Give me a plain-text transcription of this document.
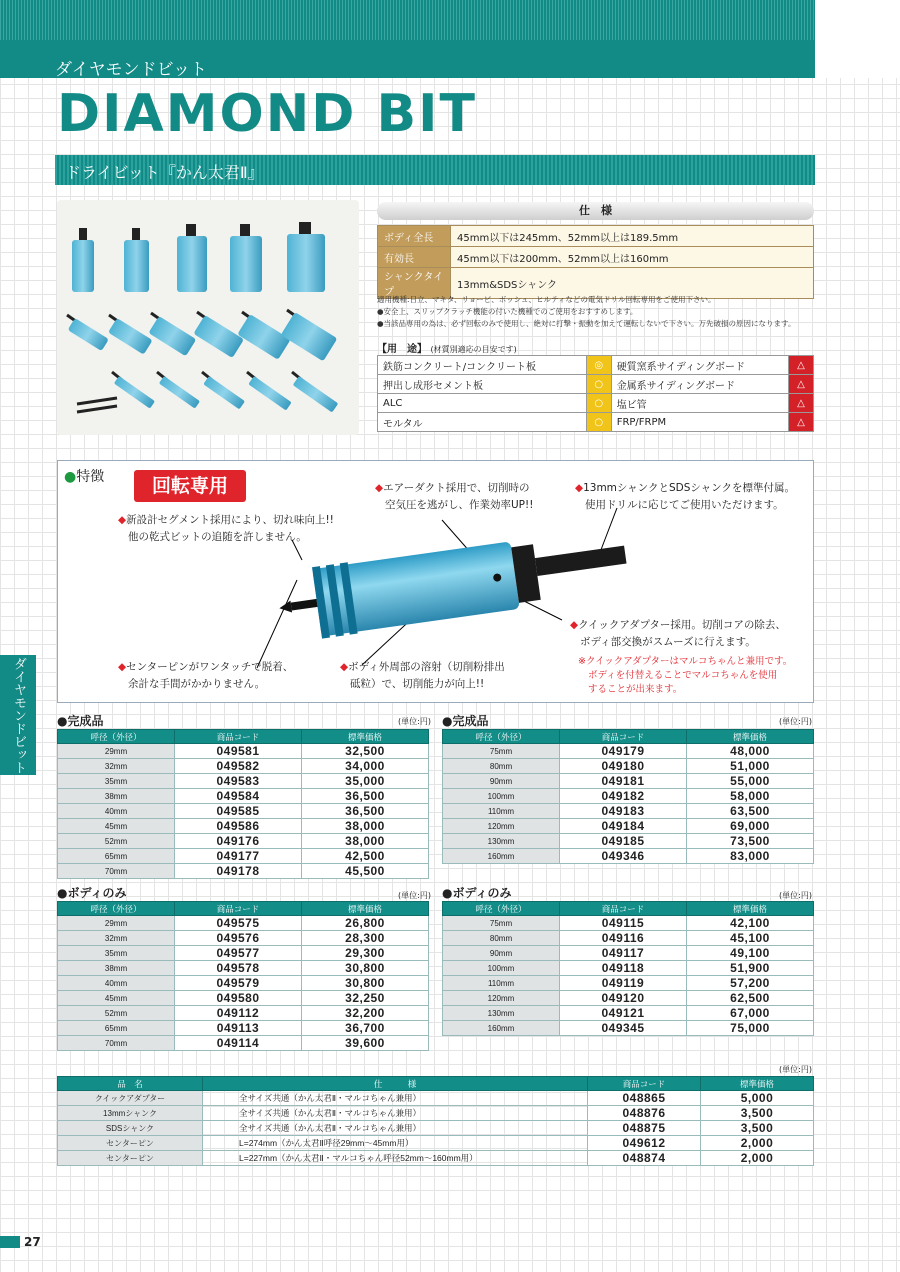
ダイヤモンドビット
DIAMOND BIT
ドライビット『かん太君Ⅱ』
仕　様
ボディ全長	45mm以下は245mm、52mm以上は189.5mm
有効長	45mm以下は200mm、52mm以上は160mm
シャンクタイプ	13mm&SDSシャンク
適用機種:日立、マキタ、リョービ、ボッシュ、ヒルティなどの電気ドリル回転専用をご使用下さい。
●安全上、スリップクラッチ機能の付いた機種でのご使用をおすすめします。
●当該品専用の為は、必ず回転のみで使用し、絶対に打撃・振動を加えて運転しないで下さい。万先破損の原因になります。
【用　途】 (材質別適応の目安です)
鉄筋コンクリート/コンクリート板	◎	硬質窯系サイディングボード	△
押出し成形セメント板	○	金属系サイディングボード	△
ALC	○	塩ビ管	△
モルタル	○	FRP/FRPM	△
●特徴	回転専用
◆新設計セグメント採用により、切れ味向上!!
他の乾式ビットの追随を許しません。
◆エアーダクト採用で、切削時の
空気圧を逃がし、作業効率UP!!
◆13mmシャンクとSDSシャンクを標準付属。
使用ドリルに応じてご使用いただけます。
◆クイックアダプター採用。切削コアの除去、
ボディ部交換がスムーズに行えます。
※クイックアダプターはマルコちゃんと兼用です。
ボディを付替えることでマルコちゃんを使用
することが出来ます。
◆センターピンがワンタッチで脱着、
余計な手間がかかりません。
◆ボディ外周部の溶射（切削粉排出
砥粒）で、切削能力が向上!!
ダイヤモンドビット	●完成品	(単位:円)
呼径（外径）	商品コード	標準価格
29mm	049581	32,500
32mm	049582	34,000
35mm	049583	35,000
38mm	049584	36,500
40mm	049585	36,500
45mm	049586	38,000
52mm	049176	38,000
65mm	049177	42,500
70mm	049178	45,500
●完成品	(単位:円)
呼径（外径）	商品コード	標準価格
75mm	049179	48,000
80mm	049180	51,000
90mm	049181	55,000
100mm	049182	58,000
110mm	049183	63,500
120mm	049184	69,000
130mm	049185	73,500
160mm	049346	83,000
●ボディのみ	(単位:円)
呼径（外径）	商品コード	標準価格
29mm	049575	26,800
32mm	049576	28,300
35mm	049577	29,300
38mm	049578	30,800
40mm	049579	30,800
45mm	049580	32,250
52mm	049112	32,200
65mm	049113	36,700
70mm	049114	39,600
●ボディのみ	(単位:円)
呼径（外径）	商品コード	標準価格
75mm	049115	42,100
80mm	049116	45,100
90mm	049117	49,100
100mm	049118	51,900
110mm	049119	57,200
120mm	049120	62,500
130mm	049121	67,000
160mm	049345	75,000
(単位:円)
品　名	仕　　　様	商品コード	標準価格
クイックアダプター	全サイズ共通（かん太君Ⅱ・マルコちゃん兼用）	048865	5,000
13mmシャンク	全サイズ共通（かん太君Ⅱ・マルコちゃん兼用）	048876	3,500
SDSシャンク	全サイズ共通（かん太君Ⅱ・マルコちゃん兼用）	048875	3,500
センターピン	L=274mm（かん太君Ⅱ呼径29mm～45mm用）	049612	2,000
センターピン	L=227mm（かん太君Ⅱ・マルコちゃん呼径52mm～160mm用）	048874	2,000
27
